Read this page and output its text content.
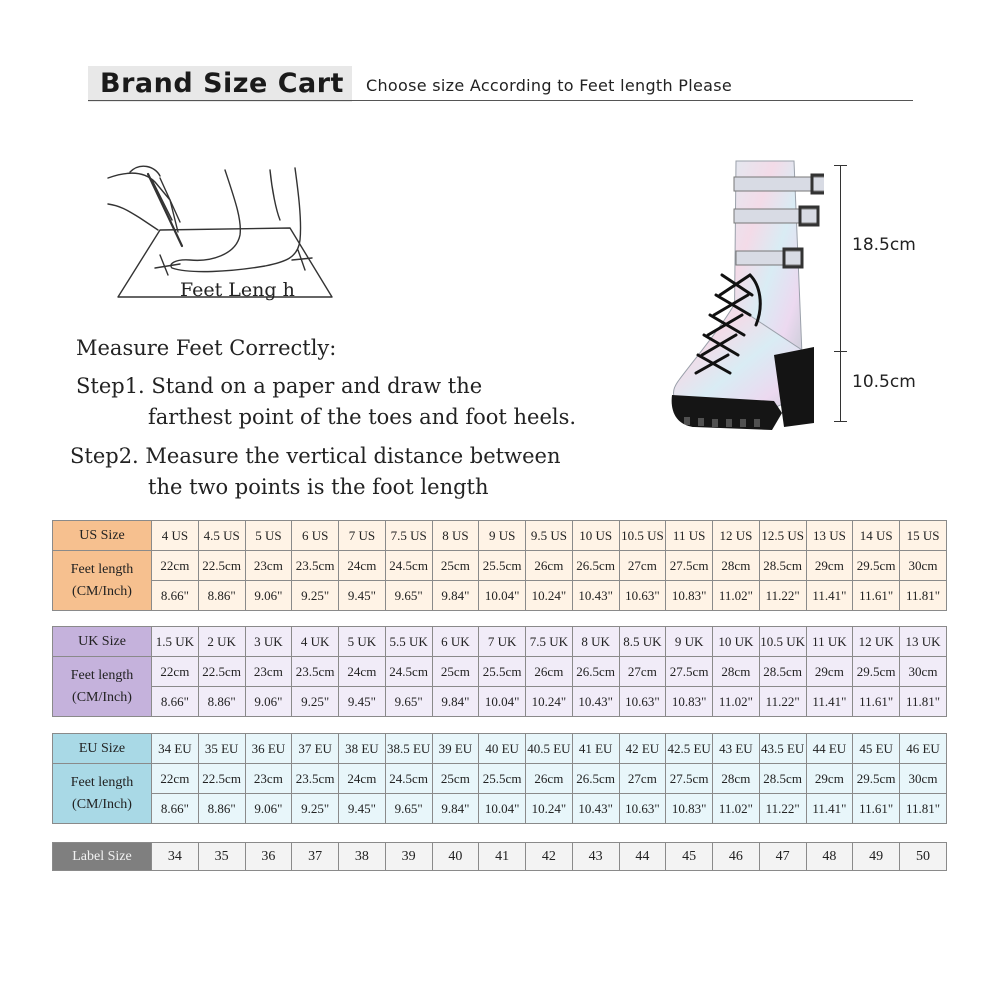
Brand Size Cart Choose size According to Feet length Please
Feet Leng h
Measure Feet Correctly:
Step1. Stand on a paper and draw the
farthest point of the toes and foot heels.
Step2. Measure the vertical distance between
the two points is the foot length
18.5cm
10.5cm
US Size	4 US	4.5 US	5 US	6 US	7 US	7.5 US	8 US	9 US	9.5 US	10 US	10.5 US	11 US	12 US	12.5 US	13 US	14 US	15 US

Feet length
(CM/Inch)	22cm	22.5cm	23cm	23.5cm	24cm	24.5cm	25cm	25.5cm	26cm	26.5cm	27cm	27.5cm	28cm	28.5cm	29cm	29.5cm	30cm
	8.66"	8.86"	9.06"	9.25"	9.45"	9.65"	9.84"	10.04"	10.24"	10.43"	10.63"	10.83"	11.02"	11.22"	11.41"	11.61"	11.81"
UK Size	1.5 UK	2 UK	3 UK	4 UK	5 UK	5.5 UK	6 UK	7 UK	7.5 UK	8 UK	8.5 UK	9 UK	10 UK	10.5 UK	11 UK	12 UK	13 UK

Feet length
(CM/Inch)	22cm	22.5cm	23cm	23.5cm	24cm	24.5cm	25cm	25.5cm	26cm	26.5cm	27cm	27.5cm	28cm	28.5cm	29cm	29.5cm	30cm
	8.66"	8.86"	9.06"	9.25"	9.45"	9.65"	9.84"	10.04"	10.24"	10.43"	10.63"	10.83"	11.02"	11.22"	11.41"	11.61"	11.81"
EU Size	34 EU	35 EU	36 EU	37 EU	38 EU	38.5 EU	39 EU	40 EU	40.5 EU	41 EU	42 EU	42.5 EU	43 EU	43.5 EU	44 EU	45 EU	46 EU

Feet length
(CM/Inch)	22cm	22.5cm	23cm	23.5cm	24cm	24.5cm	25cm	25.5cm	26cm	26.5cm	27cm	27.5cm	28cm	28.5cm	29cm	29.5cm	30cm
	8.66"	8.86"	9.06"	9.25"	9.45"	9.65"	9.84"	10.04"	10.24"	10.43"	10.63"	10.83"	11.02"	11.22"	11.41"	11.61"	11.81"
Label Size	34	35	36	37	38	39	40	41	42	43	44	45	46	47	48	49	50
